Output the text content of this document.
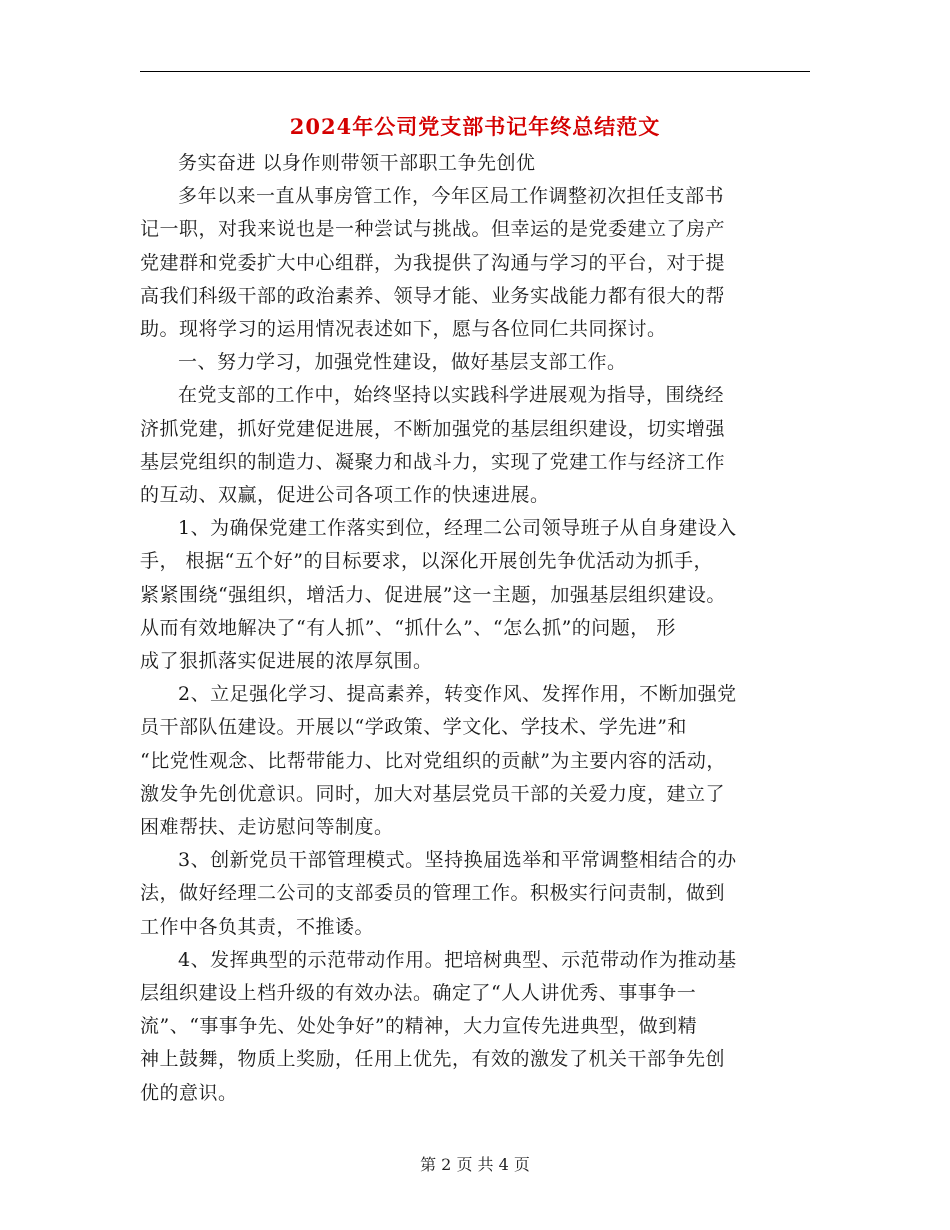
2024年公司党支部书记年终总结范文

务实奋进 以身作则带领干部职工争先创优

多年以来一直从事房管工作，今年区局工作调整初次担任支部书
记一职，对我来说也是一种尝试与挑战。但幸运的是党委建立了房产
党建群和党委扩大中心组群，为我提供了沟通与学习的平台，对于提
高我们科级干部的政治素养、领导才能、业务实战能力都有很大的帮
助。现将学习的运用情况表述如下，愿与各位同仁共同探讨。

一、努力学习，加强党性建设，做好基层支部工作。

在党支部的工作中，始终坚持以实践科学进展观为指导，围绕经
济抓党建，抓好党建促进展，不断加强党的基层组织建设，切实增强
基层党组织的制造力、凝聚力和战斗力，实现了党建工作与经济工作
的互动、双赢，促进公司各项工作的快速进展。

1、为确保党建工作落实到位，经理二公司领导班子从自身建设入
手， 根据“五个好”的目标要求，以深化开展创先争优活动为抓手，
紧紧围绕“强组织，增活力、促进展”这一主题，加强基层组织建设。
从而有效地解决了“有人抓”、“抓什么”、“怎么抓”的问题， 形
成了狠抓落实促进展的浓厚氛围。

2、立足强化学习、提高素养，转变作风、发挥作用，不断加强党
员干部队伍建设。开展以“学政策、学文化、学技术、学先进”和
“比党性观念、比帮带能力、比对党组织的贡献”为主要内容的活动，
激发争先创优意识。同时，加大对基层党员干部的关爱力度，建立了
困难帮扶、走访慰问等制度。

3、创新党员干部管理模式。坚持换届选举和平常调整相结合的办
法，做好经理二公司的支部委员的管理工作。积极实行问责制，做到
工作中各负其责，不推诿。

4、发挥典型的示范带动作用。把培树典型、示范带动作为推动基
层组织建设上档升级的有效办法。确定了“人人讲优秀、事事争一
流”、“事事争先、处处争好”的精神，大力宣传先进典型，做到精
神上鼓舞，物质上奖励，任用上优先，有效的激发了机关干部争先创
优的意识。

第 2 页 共 4 页
